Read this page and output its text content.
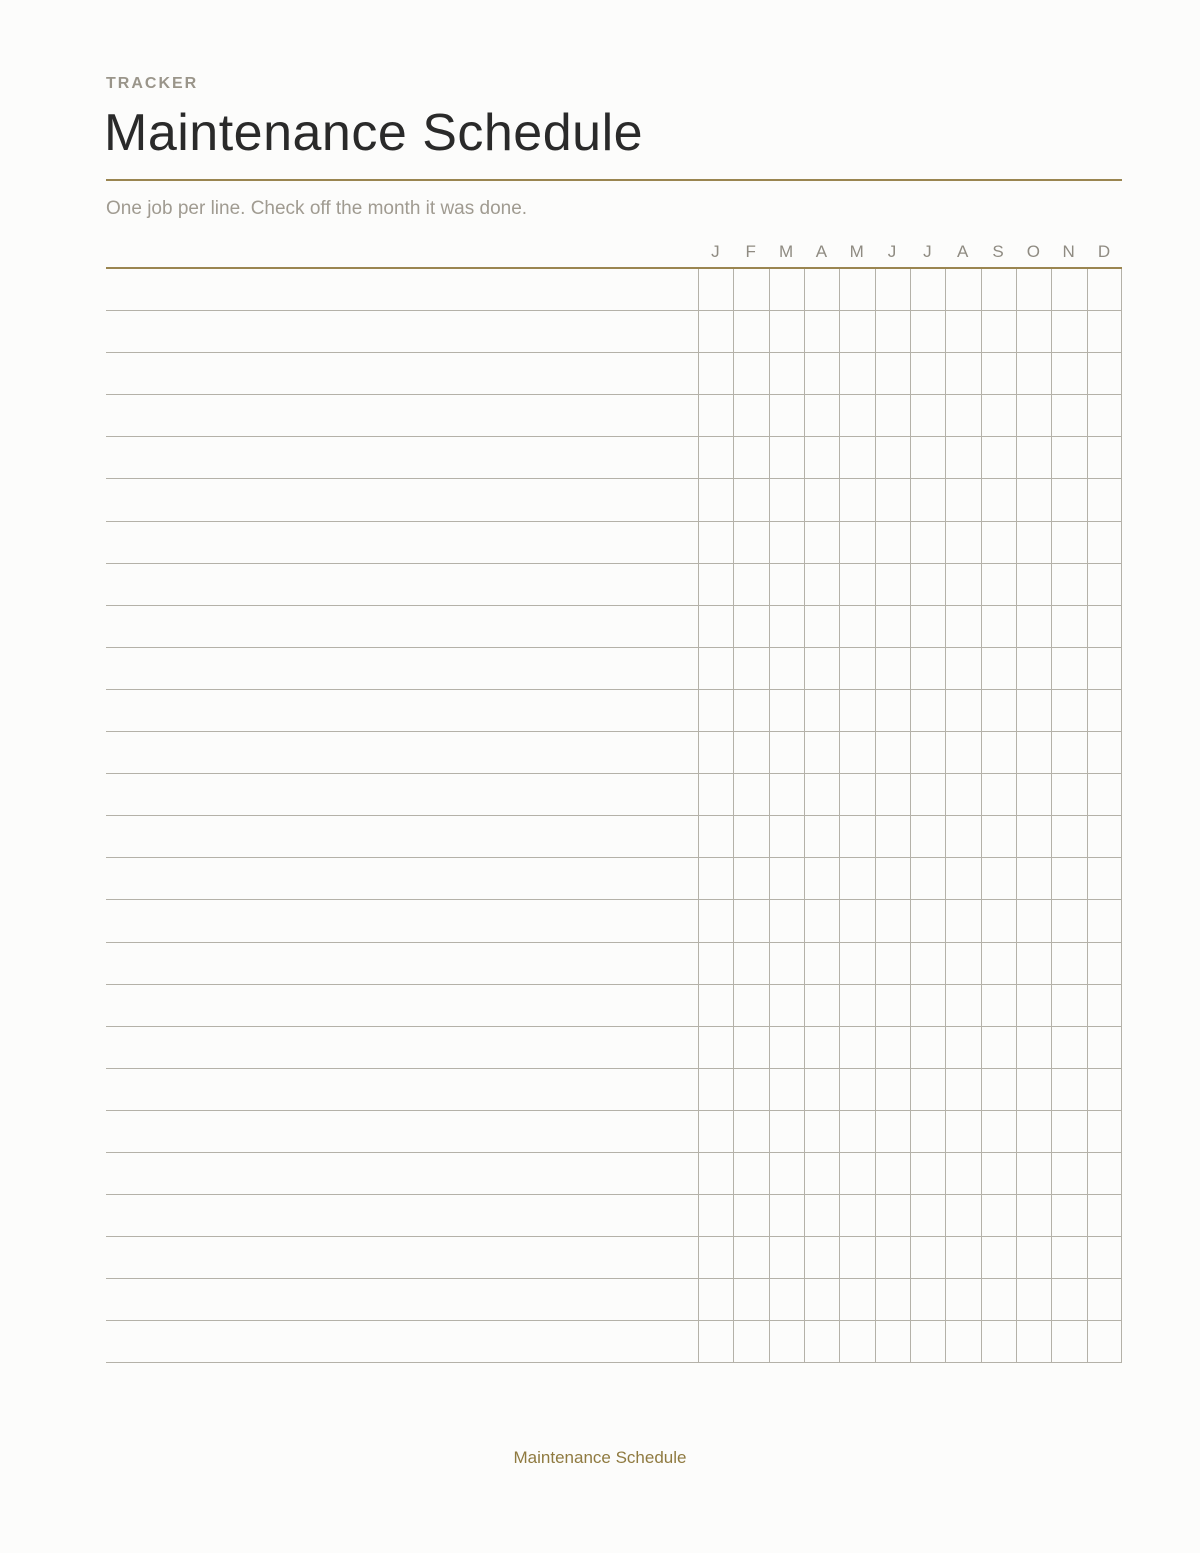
TRACKER
Maintenance Schedule
One job per line. Check off the month it was done.
J	F	M	A	M	J	J	A	S	O	N	D
Maintenance Schedule
